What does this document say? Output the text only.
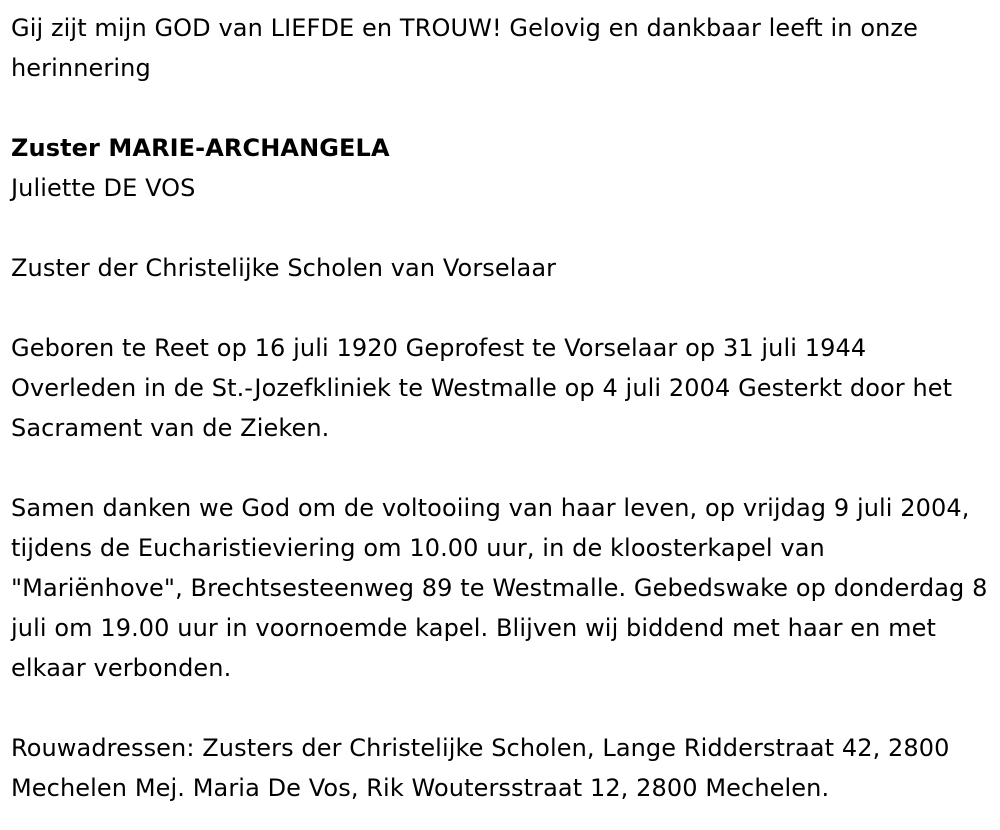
Gij zijt mijn GOD van LIEFDE en TROUW! Gelovig en dankbaar leeft in onze herinnering

Zuster MARIE-ARCHANGELA

Juliette DE VOS

Zuster der Christelijke Scholen van Vorselaar

Geboren te Reet op 16 juli 1920 Geprofest te Vorselaar op 31 juli 1944 Overleden in de St.-Jozefkliniek te Westmalle op 4 juli 2004 Gesterkt door het Sacrament van de Zieken.

Samen danken we God om de voltooiing van haar leven, op vrijdag 9 juli 2004, tijdens de Eucharistieviering om 10.00 uur, in de kloosterkapel van "Mariënhove", Brechtsesteenweg 89 te Westmalle. Gebedswake op donderdag 8 juli om 19.00 uur in voornoemde kapel. Blijven wij biddend met haar en met elkaar verbonden.

Rouwadressen: Zusters der Christelijke Scholen, Lange Ridderstraat 42, 2800 Mechelen Mej. Maria De Vos, Rik Woutersstraat 12, 2800 Mechelen.
